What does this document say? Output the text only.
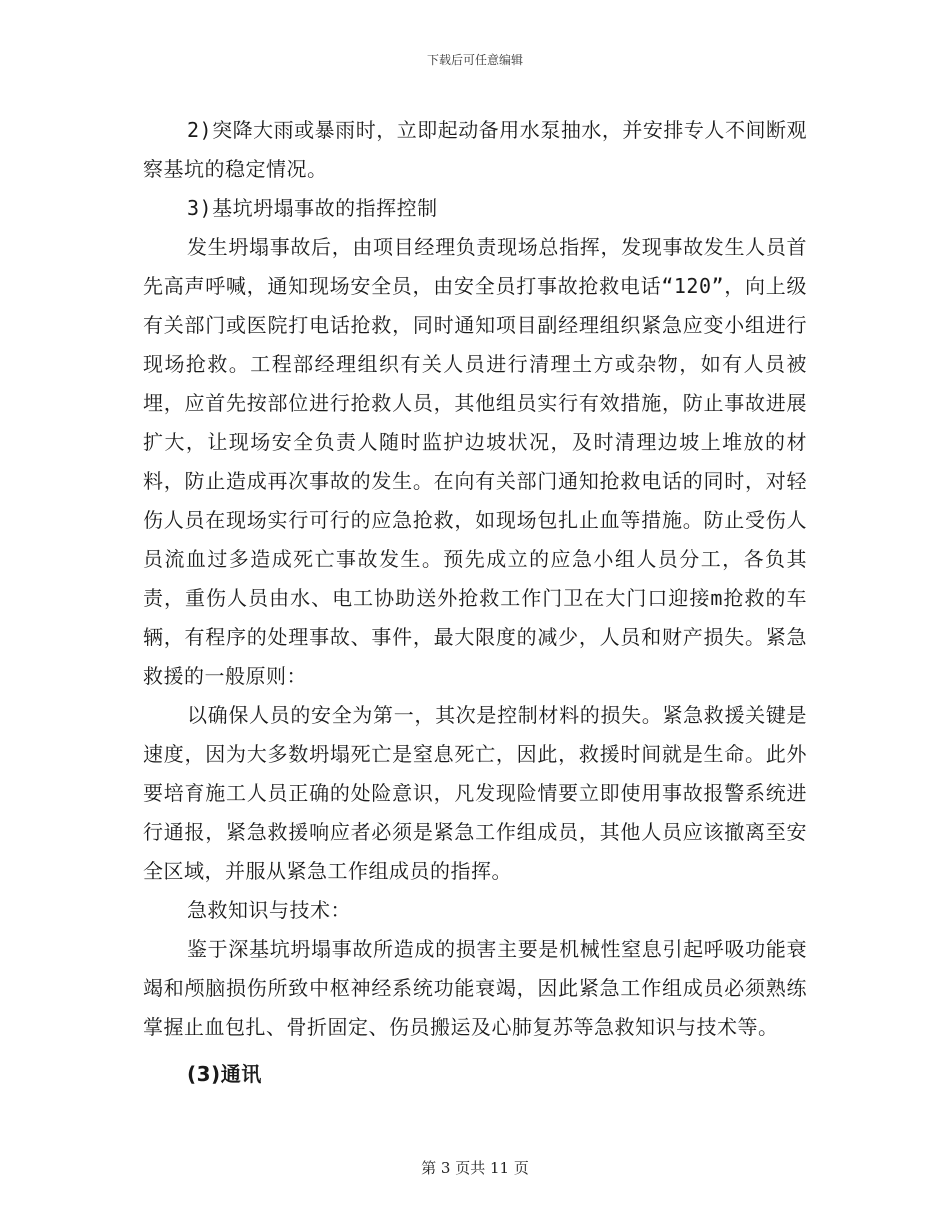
下载后可任意编辑

2)突降大雨或暴雨时，立即起动备用水泵抽水，并安排专人不间断观察基坑的稳定情况。

3)基坑坍塌事故的指挥控制

发生坍塌事故后，由项目经理负责现场总指挥，发现事故发生人员首先高声呼喊，通知现场安全员，由安全员打事故抢救电话“120”，向上级有关部门或医院打电话抢救，同时通知项目副经理组织紧急应变小组进行现场抢救。工程部经理组织有关人员进行清理土方或杂物，如有人员被埋，应首先按部位进行抢救人员，其他组员实行有效措施，防止事故进展扩大，让现场安全负责人随时监护边坡状况，及时清理边坡上堆放的材料，防止造成再次事故的发生。在向有关部门通知抢救电话的同时，对轻伤人员在现场实行可行的应急抢救，如现场包扎止血等措施。防止受伤人员流血过多造成死亡事故发生。预先成立的应急小组人员分工，各负其责，重伤人员由水、电工协助送外抢救工作门卫在大门口迎接m抢救的车辆，有程序的处理事故、事件，最大限度的减少，人员和财产损失。紧急救援的一般原则：

以确保人员的安全为第一，其次是控制材料的损失。紧急救援关键是速度，因为大多数坍塌死亡是窒息死亡，因此，救援时间就是生命。此外要培育施工人员正确的处险意识，凡发现险情要立即使用事故报警系统进行通报，紧急救援响应者必须是紧急工作组成员，其他人员应该撤离至安全区域，并服从紧急工作组成员的指挥。

急救知识与技术：

鉴于深基坑坍塌事故所造成的损害主要是机械性窒息引起呼吸功能衰竭和颅脑损伤所致中枢神经系统功能衰竭，因此紧急工作组成员必须熟练掌握止血包扎、骨折固定、伤员搬运及心肺复苏等急救知识与技术等。

(3)通讯

第 3 页共 11 页
